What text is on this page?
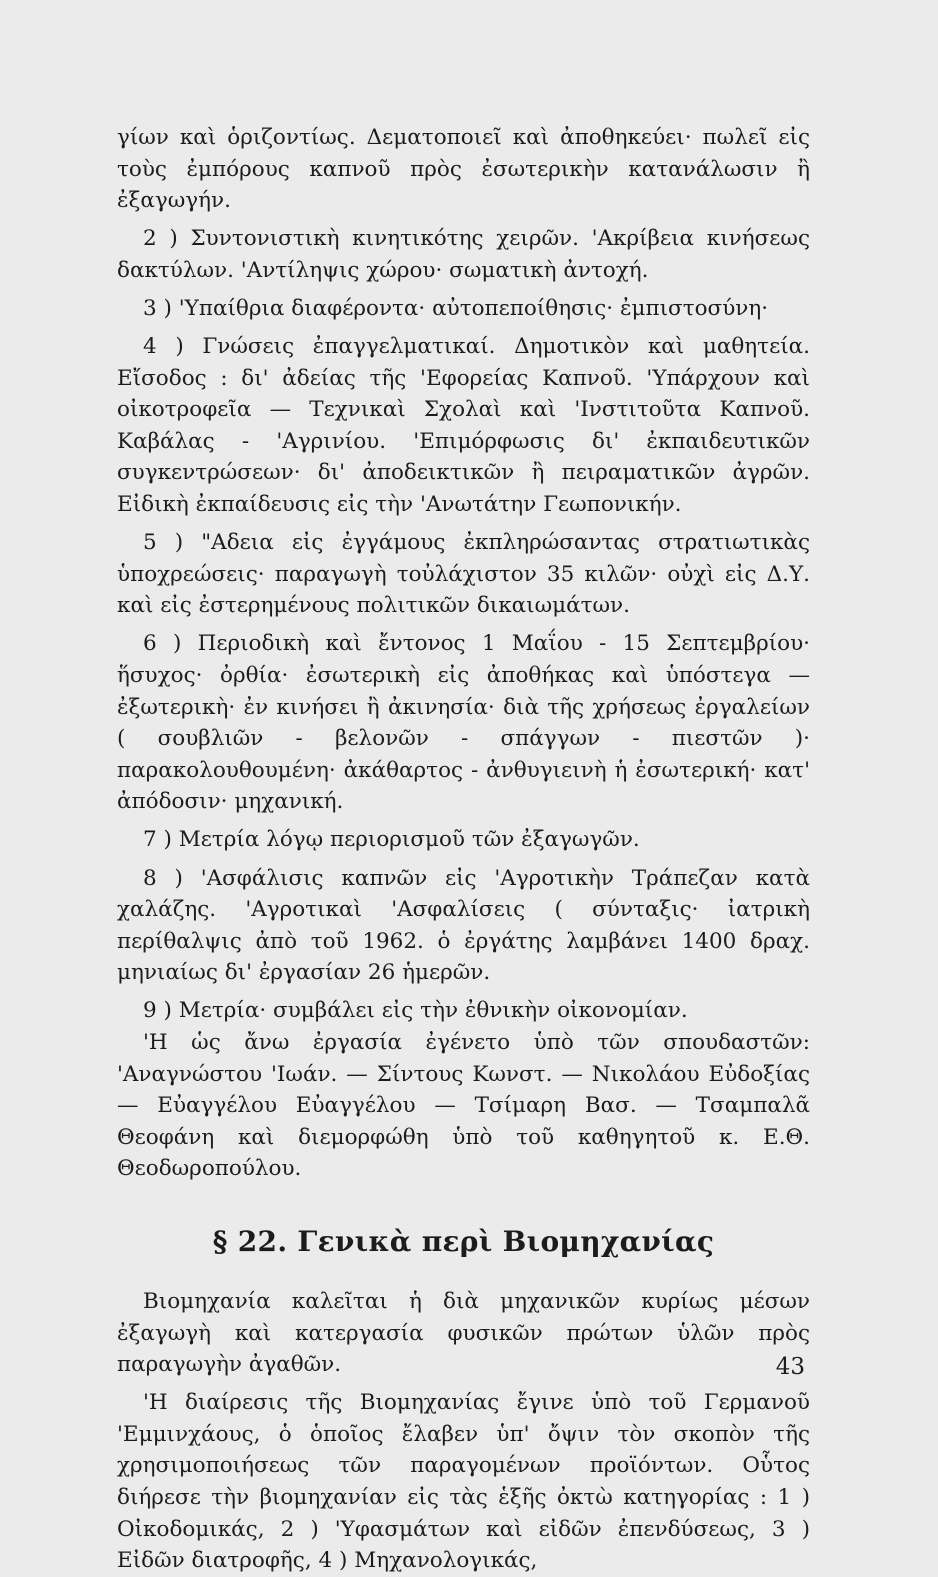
γίων καὶ ὁριζοντίως. Δεματοποιεῖ καὶ ἀποθηκεύει· πωλεῖ εἰς τοὺς ἐμπόρους καπνοῦ πρὸς ἐσωτερικὴν κατανάλωσιν ἢ ἐξαγωγήν.

2 ) Συντονιστικὴ κινητικότης χειρῶν. 'Ακρίβεια κινήσεως δακτύλων. 'Αντίληψις χώρου· σωματικὴ ἀντοχή.

3 ) 'Υπαίθρια διαφέροντα· αὐτοπεποίθησις· ἐμπιστοσύνη·

4 ) Γνώσεις ἐπαγγελματικαί. Δημοτικὸν καὶ μαθητεία. Εἴσοδος : δι' ἀδείας τῆς 'Εφορείας Καπνοῦ. 'Υπάρχουν καὶ οἰκοτροφεῖα — Τεχνικαὶ Σχολαὶ καὶ 'Ινστιτοῦτα Καπνοῦ. Καβάλας - 'Αγρινίου. 'Επιμόρφωσις δι' ἐκπαιδευτικῶν συγκεντρώσεων· δι' ἀποδεικτικῶν ἢ πειραματικῶν ἀγρῶν. Εἰδικὴ ἐκπαίδευσις εἰς τὴν 'Ανωτάτην Γεωπονικήν.

5 ) "Αδεια εἰς ἐγγάμους ἐκπληρώσαντας στρατιωτικὰς ὑποχρεώσεις· παραγωγὴ τοὐλάχιστον 35 κιλῶν· οὐχὶ εἰς Δ.Υ. καὶ εἰς ἐστερημένους πολιτικῶν δικαιωμάτων.

6 ) Περιοδικὴ καὶ ἔντονος 1 Μαΐου - 15 Σεπτεμβρίου· ἥσυχος· ὀρθία· ἐσωτερικὴ εἰς ἀποθήκας καὶ ὑπόστεγα — ἐξωτερικὴ· ἐν κινήσει ἢ ἀκινησία· διὰ τῆς χρήσεως ἐργαλείων ( σουβλιῶν - βελονῶν - σπάγγων - πιεστῶν )· παρακολουθουμένη· ἀκάθαρτος - ἀνθυγιεινὴ ἡ ἐσωτερική· κατ' ἀπόδοσιν· μηχανική.

7 ) Μετρία λόγῳ περιορισμοῦ τῶν ἐξαγωγῶν.

8 ) 'Ασφάλισις καπνῶν εἰς 'Αγροτικὴν Τράπεζαν κατὰ χαλάζης. 'Αγροτικαὶ 'Ασφαλίσεις ( σύνταξις· ἰατρικὴ περίθαλψις ἀπὸ τοῦ 1962. ὁ ἐργάτης λαμβάνει 1400 δραχ. μηνιαίως δι' ἐργασίαν 26 ἡμερῶν.

9 ) Μετρία· συμβάλει εἰς τὴν ἐθνικὴν οἰκονομίαν.

'Η ὡς ἄνω ἐργασία ἐγένετο ὑπὸ τῶν σπουδαστῶν: 'Αναγνώστου 'Ιωάν. — Σίντους Κωνστ. — Νικολάου Εὐδοξίας — Εὐαγγέλου Εὐαγγέλου — Τσίμαρη Βασ. — Τσαμπαλᾶ Θεοφάνη καὶ διεμορφώθη ὑπὸ τοῦ καθηγητοῦ κ. Ε.Θ. Θεοδωροπούλου.

§ 22. Γενικὰ περὶ Βιομηχανίας

Βιομηχανία καλεῖται ἡ διὰ μηχανικῶν κυρίως μέσων ἐξαγωγὴ καὶ κατεργασία φυσικῶν πρώτων ὑλῶν πρὸς παραγωγὴν ἀγαθῶν.

'Η διαίρεσις τῆς Βιομηχανίας ἔγινε ὑπὸ τοῦ Γερμανοῦ 'Εμμινχάους, ὁ ὁποῖος ἔλαβεν ὑπ' ὄψιν τὸν σκοπὸν τῆς χρησιμοποιήσεως τῶν παραγομένων προϊόντων. Οὗτος διήρεσε τὴν βιομηχανίαν εἰς τὰς ἑξῆς ὀκτὼ κατηγορίας : 1 ) Οἰκοδομικάς, 2 ) 'Υφασμάτων καὶ εἰδῶν ἐπενδύσεως, 3 ) Εἰδῶν διατροφῆς, 4 ) Μηχανολογικάς,

43
